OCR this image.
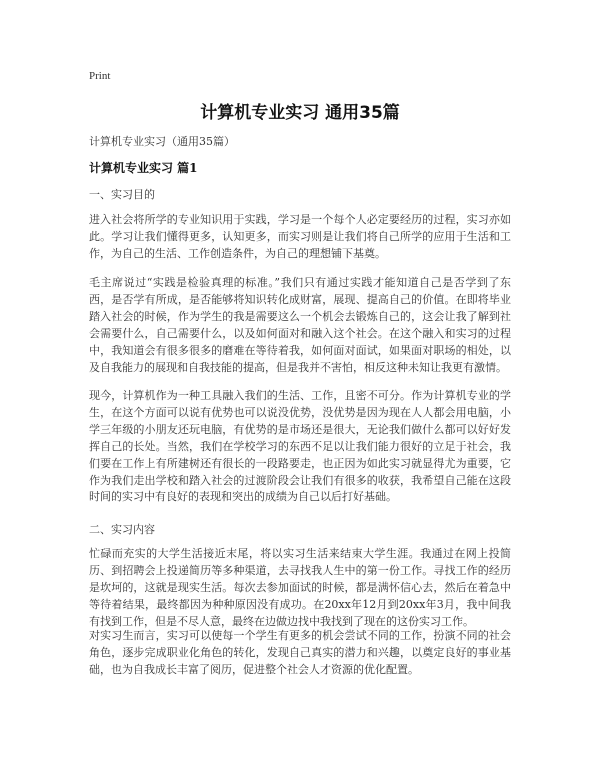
Print
计算机专业实习 通用35篇
计算机专业实习（通用35篇）
计算机专业实习 篇1
一、实习目的
进入社会将所学的专业知识用于实践，学习是一个每个人必定要经历的过程，实习亦如此。学习让我们懂得更多，认知更多，而实习则是让我们将自己所学的应用于生活和工作，为自己的生活、工作创造条件，为自己的理想铺下基奠。
毛主席说过“实践是检验真理的标准。”我们只有通过实践才能知道自己是否学到了东西，是否学有所成，是否能够将知识转化成财富，展现、提高自己的价值。在即将毕业踏入社会的时候，作为学生的我是需要这么一个机会去锻炼自己的，这会让我了解到社会需要什么，自己需要什么，以及如何面对和融入这个社会。在这个融入和实习的过程中，我知道会有很多很多的磨难在等待着我，如何面对面试，如果面对职场的相处，以及自我能力的展现和自我技能的提高，但是我并不害怕，相反这种未知让我更有激情。
现今，计算机作为一种工具融入我们的生活、工作，且密不可分。作为计算机专业的学生，在这个方面可以说有优势也可以说没优势，没优势是因为现在人人都会用电脑，小学三年级的小朋友还玩电脑，有优势的是市场还是很大，无论我们做什么都可以好好发挥自己的长处。当然，我们在学校学习的东西不足以让我们能力很好的立足于社会，我们要在工作上有所建树还有很长的一段路要走，也正因为如此实习就显得尤为重要，它作为我们走出学校和踏入社会的过渡阶段会让我们有很多的收获，我希望自己能在这段时间的实习中有良好的表现和突出的成绩为自己以后打好基础。
二、实习内容
忙碌而充实的大学生活接近末尾，将以实习生活来结束大学生涯。我通过在网上投简历、到招聘会上投递简历等多种渠道，去寻找我人生中的第一份工作。寻找工作的经历是坎坷的，这就是现实生活。每次去参加面试的时候，都是满怀信心去，然后在着急中等待着结果，最终都因为种种原因没有成功。在20xx年12月到20xx年3月，我中间我有找到工作，但是不尽人意，最终在边做边找中我找到了现在的这份实习工作。
对实习生而言，实习可以使每一个学生有更多的机会尝试不同的工作，扮演不同的社会角色，逐步完成职业化角色的转化，发现自己真实的潜力和兴趣，以奠定良好的事业基础，也为自我成长丰富了阅历，促进整个社会人才资源的优化配置。
